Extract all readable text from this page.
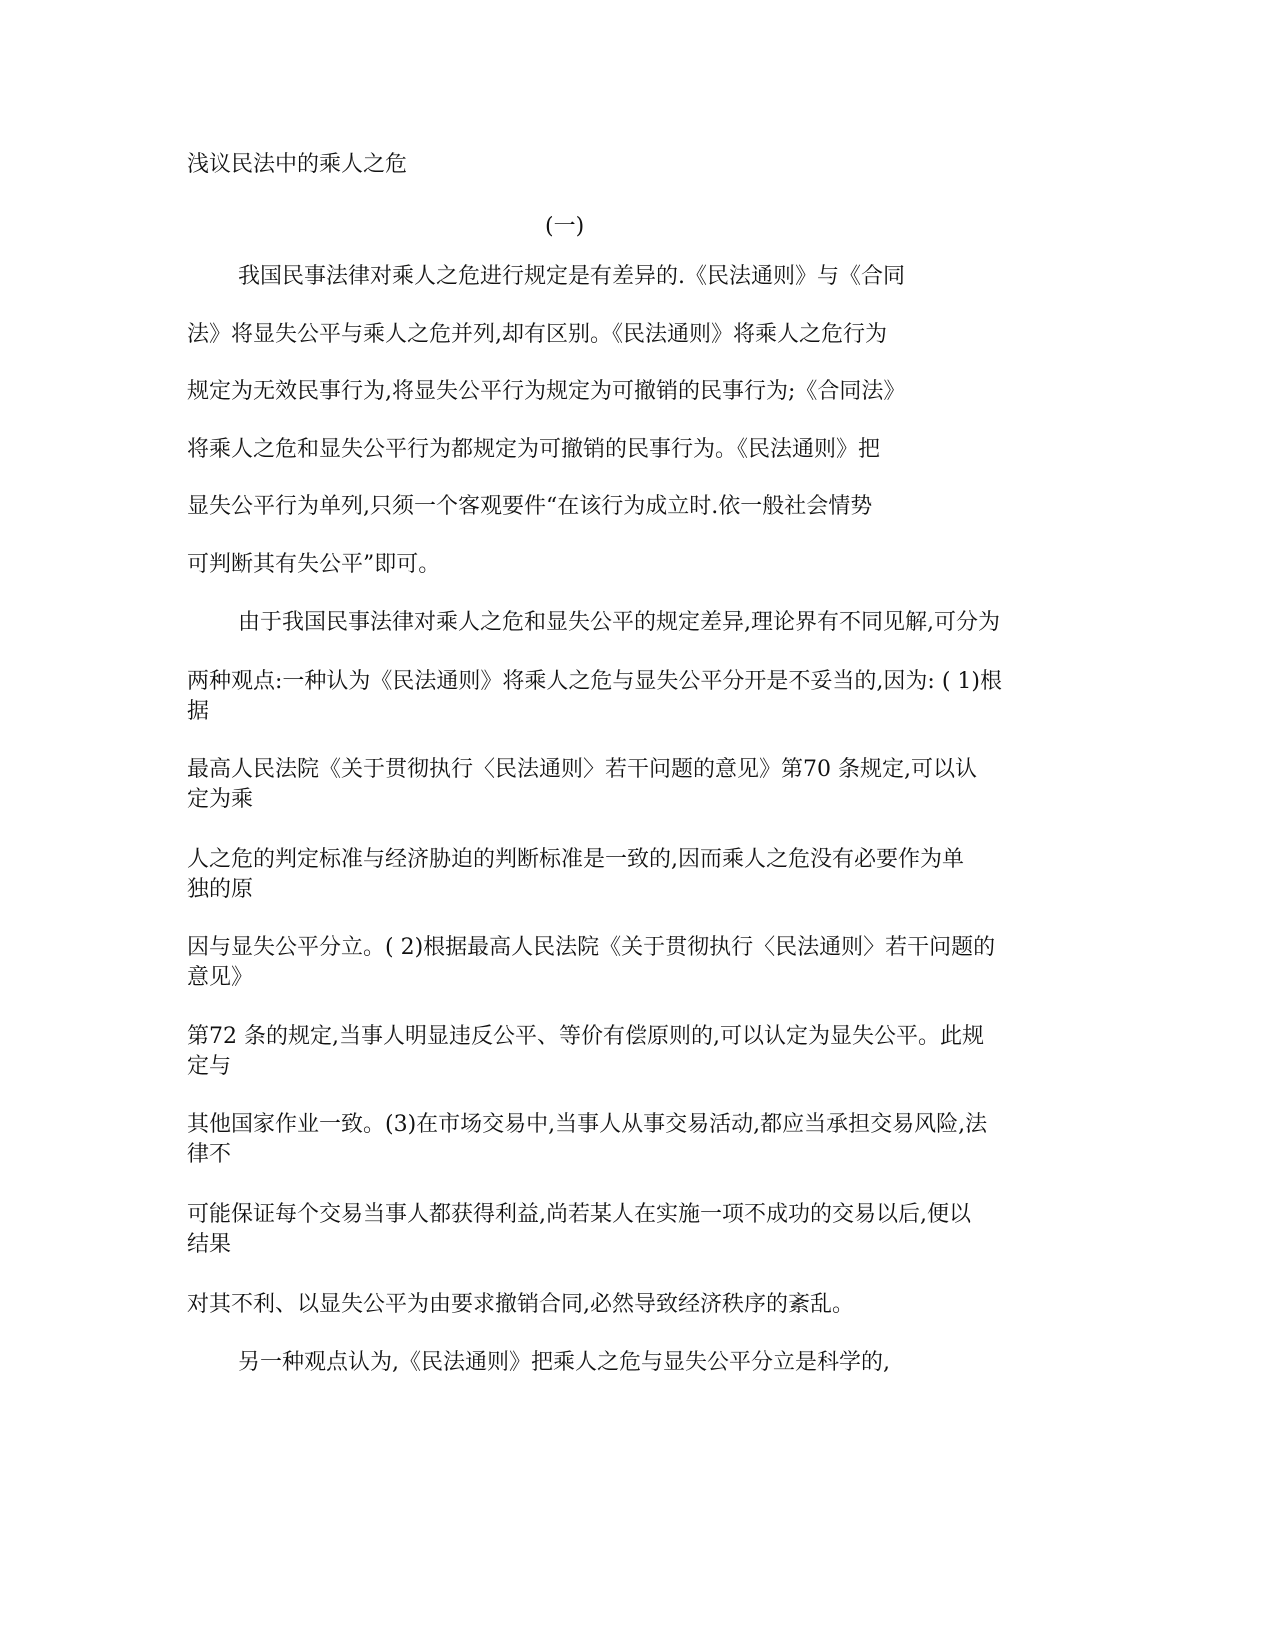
浅议民法中的乘人之危

(一)

我国民事法律对乘人之危进行规定是有差异的.《民法通则》与《合同

法》将显失公平与乘人之危并列,却有区别。《民法通则》将乘人之危行为

规定为无效民事行为,将显失公平行为规定为可撤销的民事行为;《合同法》

将乘人之危和显失公平行为都规定为可撤销的民事行为。《民法通则》把

显失公平行为单列,只须一个客观要件“在该行为成立时.依一般社会情势

可判断其有失公平”即可。

由于我国民事法律对乘人之危和显失公平的规定差异,理论界有不同见解,可分为

两种观点:一种认为《民法通则》将乘人之危与显失公平分开是不妥当的,因为: ( 1)根

据

最高人民法院《关于贯彻执行〈民法通则〉若干问题的意见》第70 条规定,可以认

定为乘

人之危的判定标准与经济胁迫的判断标准是一致的,因而乘人之危没有必要作为单

独的原

因与显失公平分立。( 2)根据最高人民法院《关于贯彻执行〈民法通则〉若干问题的

意见》

第72 条的规定,当事人明显违反公平、等价有偿原则的,可以认定为显失公平。此规

定与

其他国家作业一致。(3)在市场交易中,当事人从事交易活动,都应当承担交易风险,法

律不

可能保证每个交易当事人都获得利益,尚若某人在实施一项不成功的交易以后,便以

结果

对其不利、以显失公平为由要求撤销合同,必然导致经济秩序的紊乱。

另一种观点认为,《民法通则》把乘人之危与显失公平分立是科学的,
